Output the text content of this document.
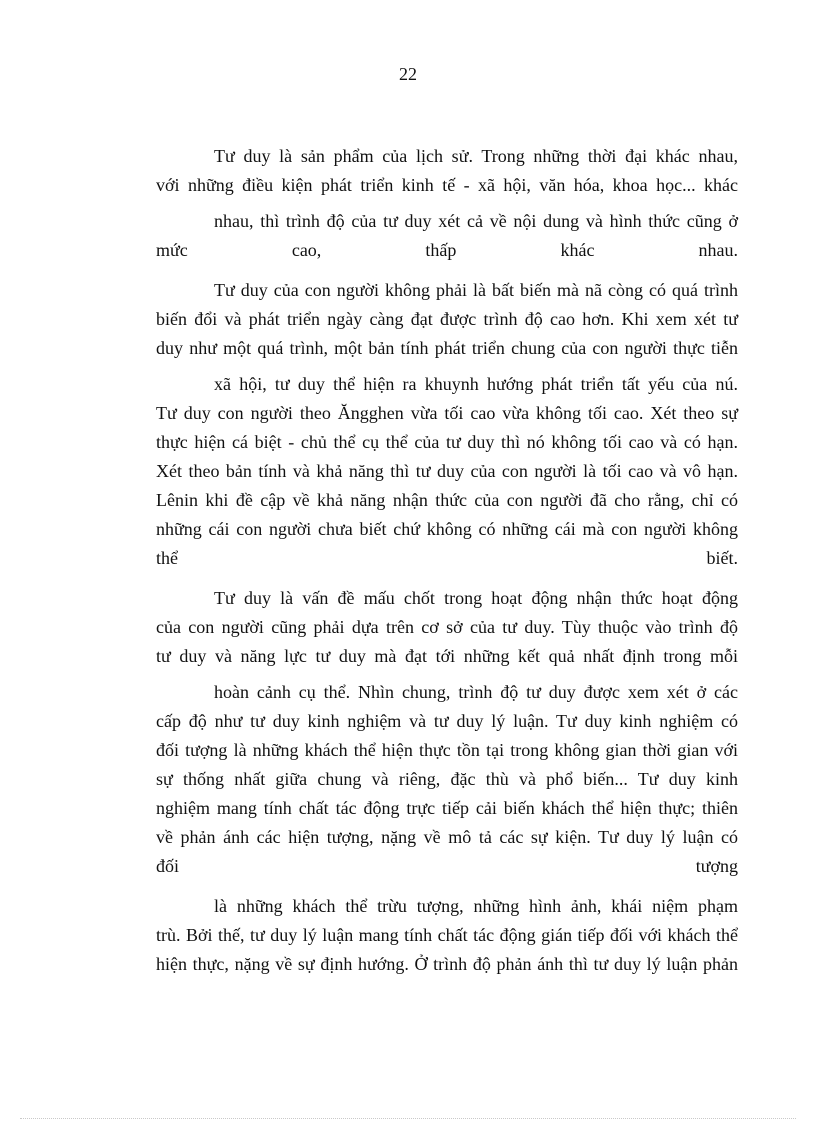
22
Tư duy là sản phẩm của lịch sử. Trong những thời đại khác nhau,
với những điều kiện phát triển kinh tế - xã hội, văn hóa, khoa học... khác
nhau, thì trình độ của tư duy xét cả về nội dung và hình thức cũng ở
mức cao, thấp khác nhau.
Tư duy của con người không phải là bất biến mà nã còng có quá trình
biến đổi và phát triển ngày càng đạt được trình độ cao hơn. Khi xem xét tư
duy như một quá trình, một bản tính phát triển chung của con người thực tiễn
xã hội, tư duy thể hiện ra khuynh hướng phát triển tất yếu của nú.
Tư duy con người theo Ăngghen vừa tối cao vừa không tối cao. Xét theo sự
thực hiện cá biệt - chủ thể cụ thể của tư duy thì nó không tối cao và có hạn.
Xét theo bản tính và khả năng thì tư duy của con người là tối cao và vô hạn.
Lênin khi đề cập về khả năng nhận thức của con người đã cho rằng, chỉ có
những cái con người chưa biết chứ không có những cái mà con người không
thể biết.
Tư duy là vấn đề mấu chốt trong hoạt động nhận thức hoạt động
của con người cũng phải dựa trên cơ sở của tư duy. Tùy thuộc vào trình độ
tư duy và năng lực tư duy mà đạt tới những kết quả nhất định trong mỗi
hoàn cảnh cụ thể. Nhìn chung, trình độ tư duy được xem xét ở các
cấp độ như tư duy kinh nghiệm và tư duy lý luận. Tư duy kinh nghiệm có
đối tượng là những khách thể hiện thực tồn tại trong không gian thời gian với
sự thống nhất giữa chung và riêng, đặc thù và phổ biến... Tư duy kinh
nghiệm mang tính chất tác động trực tiếp cải biến khách thể hiện thực; thiên
về phản ánh các hiện tượng, nặng về mô tả các sự kiện. Tư duy lý luận có
đối tượng
là những khách thể trừu tượng, những hình ảnh, khái niệm phạm
trù. Bởi thế, tư duy lý luận mang tính chất tác động gián tiếp đối với khách thể
hiện thực, nặng về sự định hướng. Ở trình độ phản ánh thì tư duy lý luận phản
